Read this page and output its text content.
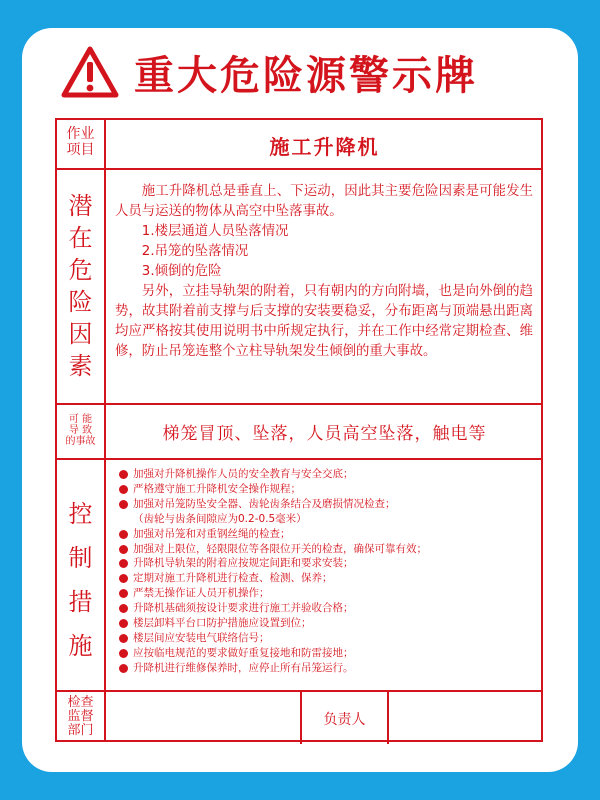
重大危险源警示牌
作业
项目	施工升降机
潜
在
危
险
因
素

施工升降机总是垂直上、下运动，因此其主要危险因素是可能发生人员与运送的物体从高空中坠落事故。

1.楼层通道人员坠落情况

2.吊笼的坠落情况

3.倾倒的危险

另外，立挂导轨架的附着，只有朝内的方向附墙，也是向外倒的趋势，故其附着前支撑与后支撑的安装要稳妥，分布距离与顶端悬出距离均应严格按其使用说明书中所规定执行，并在工作中经常定期检查、维修，防止吊笼连整个立柱导轨架发生倾倒的重大事故。

可 能
导 致
的事故	梯笼冒顶、坠落，人员高空坠落，触电等
控
制
措
施
加强对升降机操作人员的安全教育与安全交底；
严格遵守施工升降机安全操作规程；
加强对吊笼防坠安全器、齿轮齿条结合及磨损情况检查；
（齿轮与齿条间隙应为0.2-0.5毫米）
加强对吊笼和对重钢丝绳的检查；
加强对上限位，轻限限位等各限位开关的检查，确保可靠有效；
升降机导轨架的附着应按规定间距和要求安装；
定期对施工升降机进行检查、检测、保养；
严禁无操作证人员开机操作；
升降机基础须按设计要求进行施工并验收合格；
楼层卸料平台口防护措施应设置到位；
楼层间应安装电气联络信号；
应按临电规范的要求做好重复接地和防雷接地；
升降机进行维修保养时，应停止所有吊笼运行。
检查
监督
部门
负责人
